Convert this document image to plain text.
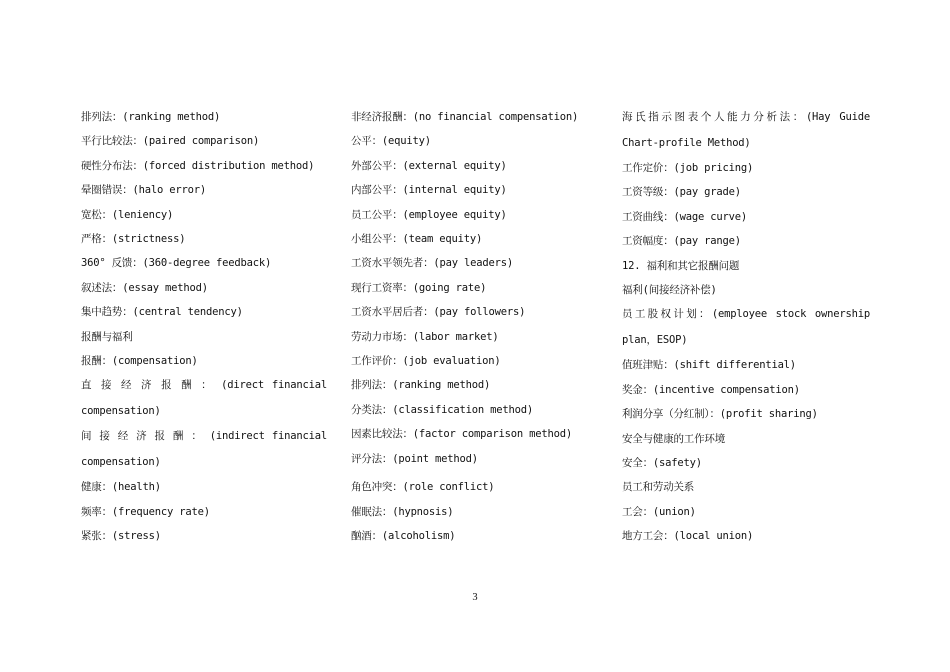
排列法：(ranking method)

平行比较法：(paired comparison)

硬性分布法：(forced distribution method)

晕圈错误：(halo error)

宽松：(leniency)

严格：(strictness)

360° 反馈：(360-degree feedback)

叙述法：(essay method)

集中趋势：(central tendency)

报酬与福利

报酬：(compensation)

直 接 经 济 报 酬 ： (direct financial compensation)

间 接 经 济 报 酬 ： (indirect financial compensation)

健康：(health)

频率：(frequency rate)

紧张：(stress)

非经济报酬：(no financial compensation)

公平：(equity)

外部公平：(external equity)

内部公平：(internal equity)

员工公平：(employee equity)

小组公平：(team equity)

工资水平领先者：(pay leaders)

现行工资率：(going rate)

工资水平居后者：(pay followers)

劳动力市场：(labor market)

工作评价：(job evaluation)

排列法：(ranking method)

分类法：(classification method)

因素比较法：(factor comparison method)

评分法：(point method)

角色冲突：(role conflict)

催眠法：(hypnosis)

酗酒：(alcoholism)

海氏指示图表个人能力分析法：(Hay Guide Chart-profile Method)

工作定价：(job pricing)

工资等级：(pay grade)

工资曲线：(wage curve)

工资幅度：(pay range)

12. 福利和其它报酬问题

福利(间接经济补偿)

员工股权计划：(employee stock ownership plan，ESOP)

值班津贴：(shift differential)

奖金：(incentive compensation)

利润分享（分红制）：(profit sharing)

安全与健康的工作环境

安全：(safety)

员工和劳动关系

工会：(union)

地方工会：(local union)

3
